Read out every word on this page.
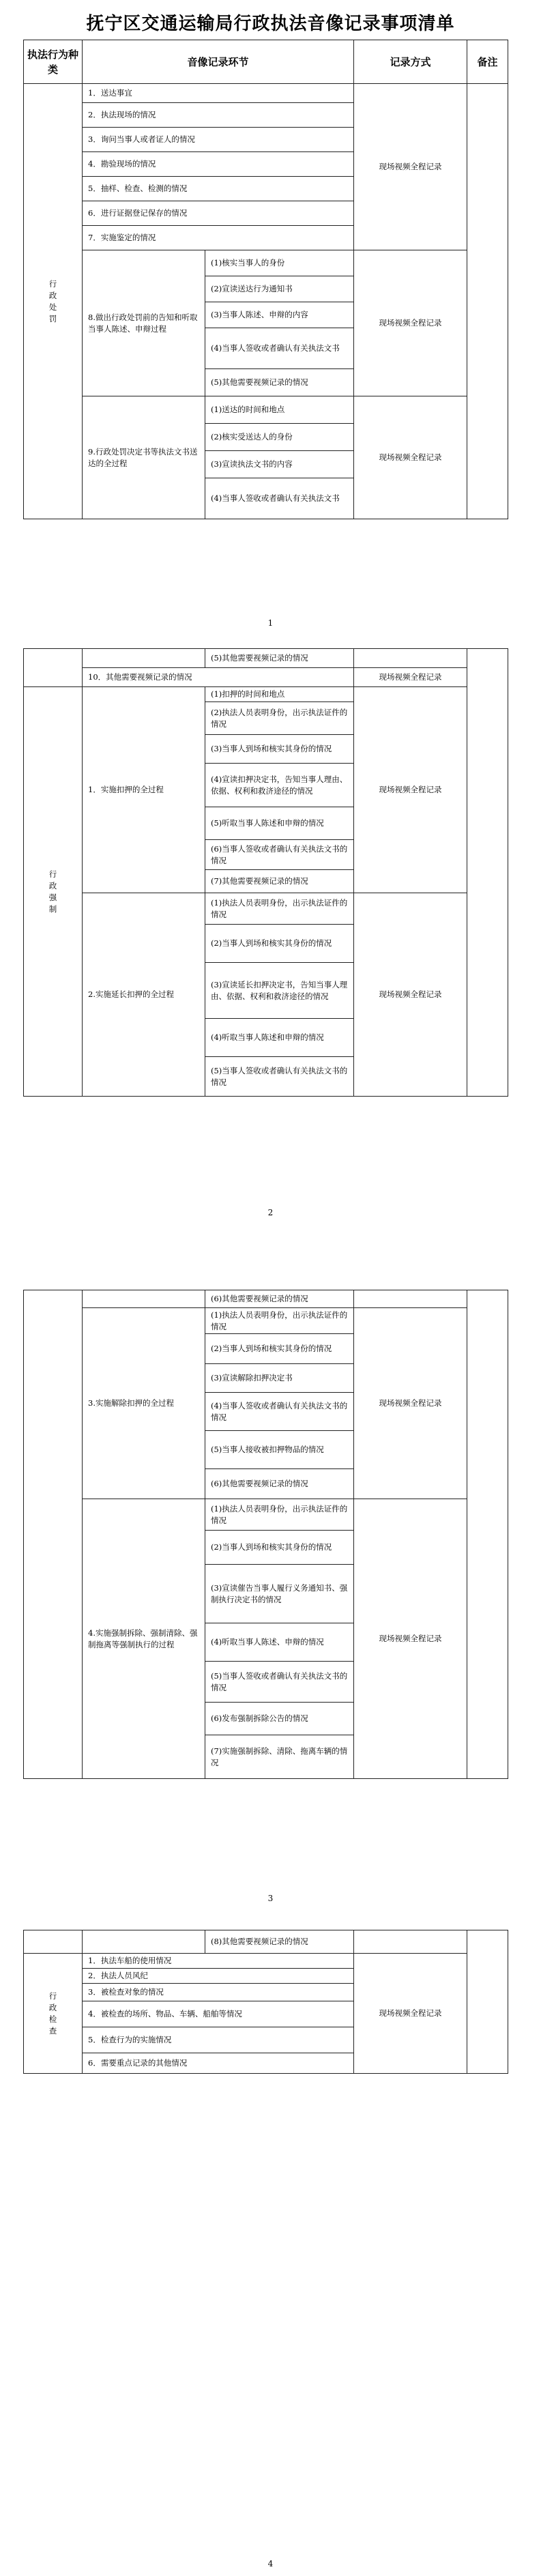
抚宁区交通运输局行政执法音像记录事项清单
执法行为种类	音像记录环节		记录方式	备注

行
政
处
罚	1．送达事宜		现场视频全程记录	
	2．执法现场的情况			
	3．询问当事人或者证人的情况			
	4．勘验现场的情况			
	5．抽样、检查、检测的情况			
	6．进行证据登记保存的情况			
	7．实施鉴定的情况			
	8.做出行政处罚前的告知和听取当事人陈述、申辩过程	(1)核实当事人的身份	现场视频全程记录	
		(2)宣读送达行为通知书		
		(3)当事人陈述、申辩的内容		
		(4)当事人签收或者确认有关执法文书		
		(5)其他需要视频记录的情况		
	9.行政处罚决定书等执法文书送达的全过程	(1)送达的时间和地点	现场视频全程记录	
		(2)核实受送达人的身份		
		(3)宣读执法文书的内容		
		(4)当事人签收或者确认有关执法文书		
1
		(5)其他需要视频记录的情况		
	10．其他需要视频记录的情况		现场视频全程记录	

行
政
强
制	1．实施扣押的全过程	(1)扣押的时间和地点	现场视频全程记录	
		(2)执法人员表明身份，出示执法证件的情况		
		(3)当事人到场和核实其身份的情况		
		(4)宣读扣押决定书，告知当事人理由、依据、权利和救济途径的情况		
		(5)听取当事人陈述和申辩的情况		
		(6)当事人签收或者确认有关执法文书的情况		
		(7)其他需要视频记录的情况		
	2.实施延长扣押的全过程	(1)执法人员表明身份，出示执法证件的情况	现场视频全程记录	
		(2)当事人到场和核实其身份的情况		
		(3)宣读延长扣押决定书，告知当事人理由、依据、权利和救济途径的情况		
		(4)听取当事人陈述和申辩的情况		
		(5)当事人签收或者确认有关执法文书的情况		
2
		(6)其他需要视频记录的情况		
	3.实施解除扣押的全过程	(1)执法人员表明身份，出示执法证件的情况	现场视频全程记录	
		(2)当事人到场和核实其身份的情况		
		(3)宣读解除扣押决定书		
		(4)当事人签收或者确认有关执法文书的情况		
		(5)当事人接收被扣押物品的情况		
		(6)其他需要视频记录的情况		
	4.实施强制拆除、强制清除、强制拖离等强制执行的过程	(1)执法人员表明身份，出示执法证件的情况	现场视频全程记录	
		(2)当事人到场和核实其身份的情况		
		(3)宣读催告当事人履行义务通知书、强制执行决定书的情况		
		(4)听取当事人陈述、申辩的情况		
		(5)当事人签收或者确认有关执法文书的情况		
		(6)发布强制拆除公告的情况		
		(7)实施强制拆除、清除、拖离车辆的情况		
3
		(8)其他需要视频记录的情况		

行
政
检
查	1．执法车船的使用情况		现场视频全程记录	
	2．执法人员风纪			
	3．被检查对象的情况			
	4．被检查的场所、物品、车辆、船舶等情况			
	5．检查行为的实施情况			
	6．需要重点记录的其他情况			
4
